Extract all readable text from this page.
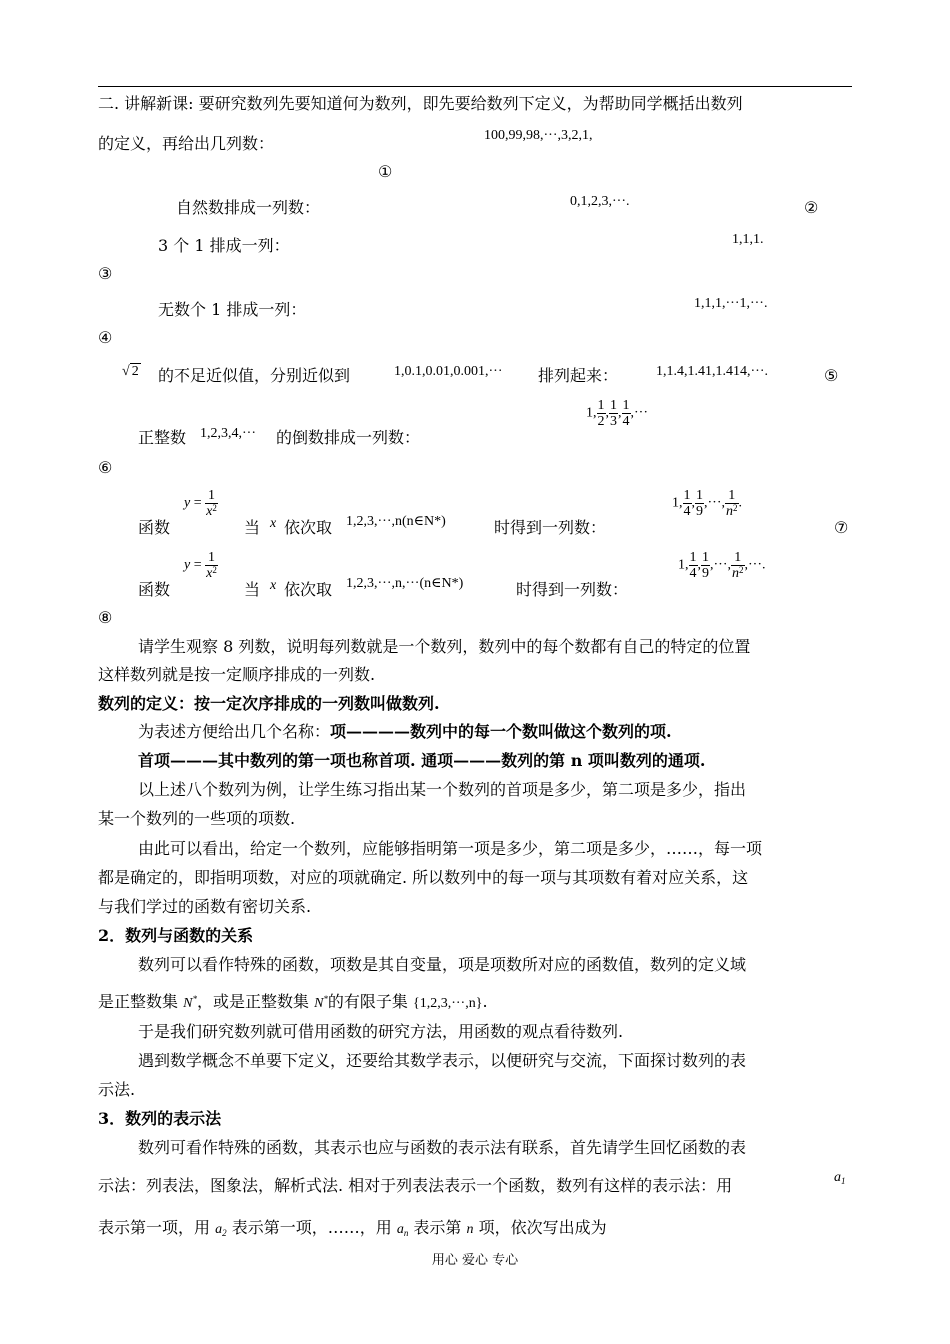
二. 讲解新课: 要研究数列先要知道何为数列，即先要给数列下定义，为帮助同学概括出数列
的定义，再给出几列数：	100,99,98,···,3,2,1,
①
自然数排成一列数：	0,1,2,3,···.	②
3 个 1 排成一列：	1,1,1.
③
无数个 1 排成一列：	1,1,1,···1,···.
④
√ 2 的不足近似值，分别近似到	1,0.1,0.01,0.001,··· 排列起来：	1,1.4,1.41,1.414,···.	⑤
正整数 1,2,3,4,··· 的倒数排成一列数：
1, $\frac{1}{2}$ , $\frac{1}{3}$ , $\frac{1}{4}$ ,···
⑥
函数
$y = \frac{1}{x^2}$
当 x 依次取 1,2,3,···,n(n∈N*)	时得到一列数：
1, $\frac{1}{4}$ , $\frac{1}{9}$ ,···, $\frac{1}{n^2}$ .
⑦
函数
$y = \frac{1}{x^2}$
当 x 依次取 1,2,3,···,n,···(n∈N*)	时得到一列数：
1, $\frac{1}{4}$ , $\frac{1}{9}$ ,···, $\frac{1}{n^2}$ ,···.
⑧
请学生观察 8 列数，说明每列数就是一个数列，数列中的每个数都有自己的特定的位置
这样数列就是按一定顺序排成的一列数.
数列的定义：按一定次序排成的一列数叫做数列.
为表述方便给出几个名称：项————数列中的每一个数叫做这个数列的项.
首项———其中数列的第一项也称首项. 通项———数列的第 n 项叫数列的通项.
以上述八个数列为例，让学生练习指出某一个数列的首项是多少，第二项是多少，指出
某一个数列的一些项的项数.
由此可以看出，给定一个数列，应能够指明第一项是多少，第二项是多少，……，每一项
都是确定的，即指明项数，对应的项就确定. 所以数列中的每一项与其项数有着对应关系，这
与我们学过的函数有密切关系.
2．数列与函数的关系
数列可以看作特殊的函数，项数是其自变量，项是项数所对应的函数值，数列的定义域
是正整数集 N*，或是正整数集 N*的有限子集 {1,2,3,···,n}.
于是我们研究数列就可借用函数的研究方法，用函数的观点看待数列.
遇到数学概念不单要下定义，还要给其数学表示，以便研究与交流，下面探讨数列的表
示法.
3．数列的表示法
数列可看作特殊的函数，其表示也应与函数的表示法有联系，首先请学生回忆函数的表
示法：列表法，图象法，解析式法. 相对于列表法表示一个函数，数列有这样的表示法：用	$a_1$
表示第一项，用 $a_2$ 表示第一项，……，用 $a_n$ 表示第 n 项，依次写出成为
用心 爱心 专心
